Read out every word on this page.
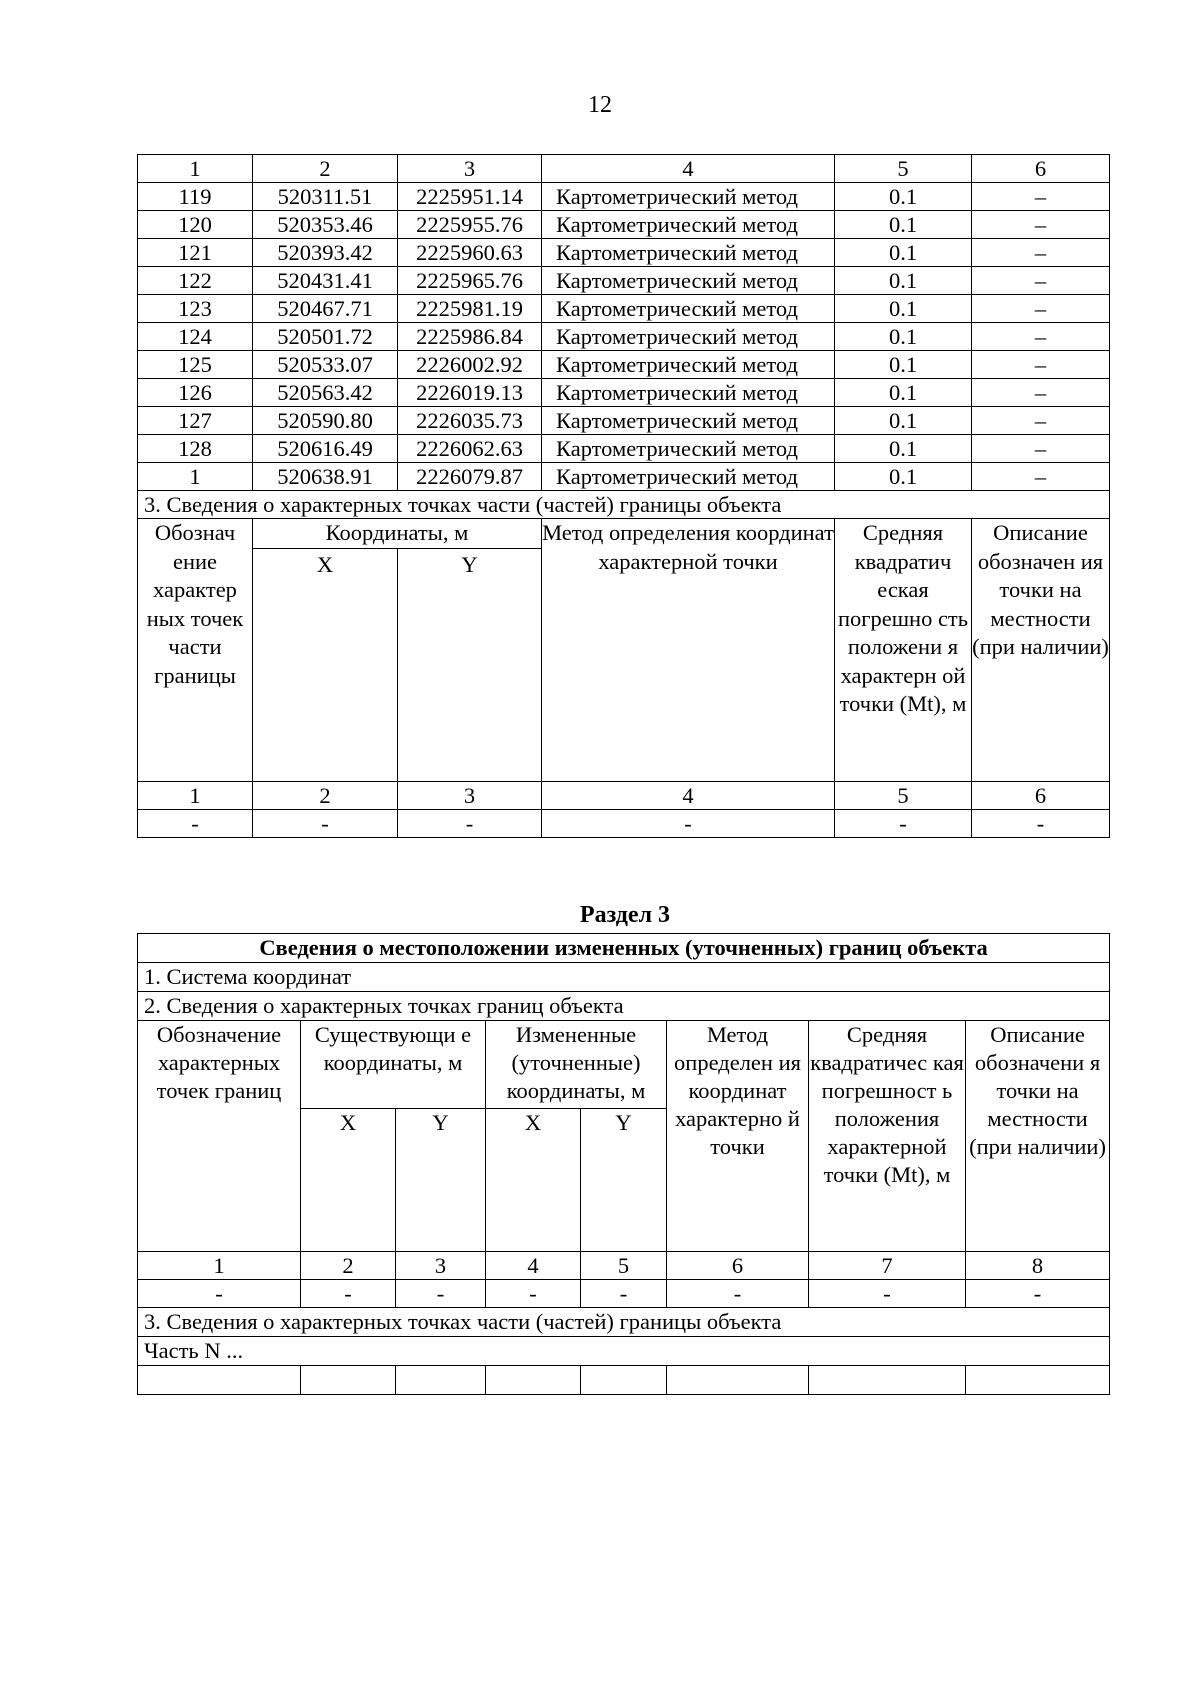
12
1	2	3	4	5	6
119	520311.51	2225951.14	Картометрический метод	0.1	–
120	520353.46	2225955.76	Картометрический метод	0.1	–
121	520393.42	2225960.63	Картометрический метод	0.1	–
122	520431.41	2225965.76	Картометрический метод	0.1	–
123	520467.71	2225981.19	Картометрический метод	0.1	–
124	520501.72	2225986.84	Картометрический метод	0.1	–
125	520533.07	2226002.92	Картометрический метод	0.1	–
126	520563.42	2226019.13	Картометрический метод	0.1	–
127	520590.80	2226035.73	Картометрический метод	0.1	–
128	520616.49	2226062.63	Картометрический метод	0.1	–
1	520638.91	2226079.87	Картометрический метод	0.1	–
3. Сведения о характерных точках части (частей) границы объекта					
Обознач ение характер ных точек части границы	Координаты, м		Метод определения координат характерной точки	Средняя квадратич еская погрешно сть положени я характерн ой точки (Mt), м	Описание обозначен ия точки на местности (при наличии)
	X	Y			
1	2	3	4	5	6
-	-	-	-	-	-
Раздел 3
Сведения о местоположении измененных (уточненных) границ объекта							
1. Система координат							
2. Сведения о характерных точках границ объекта							
Обозначение характерных точек границ	Существующи е координаты, м		Измененные (уточненные) координаты, м		Метод определен ия координат характерно й точки	Средняя квадратичес кая погрешност ь положения характерной точки (Mt), м	Описание обозначени я точки на местности (при наличии)
	X	Y	X	Y			
1	2	3	4	5	6	7	8
-	-	-	-	-	-	-	-
3. Сведения о характерных точках части (частей) границы объекта							
Часть N ...							
